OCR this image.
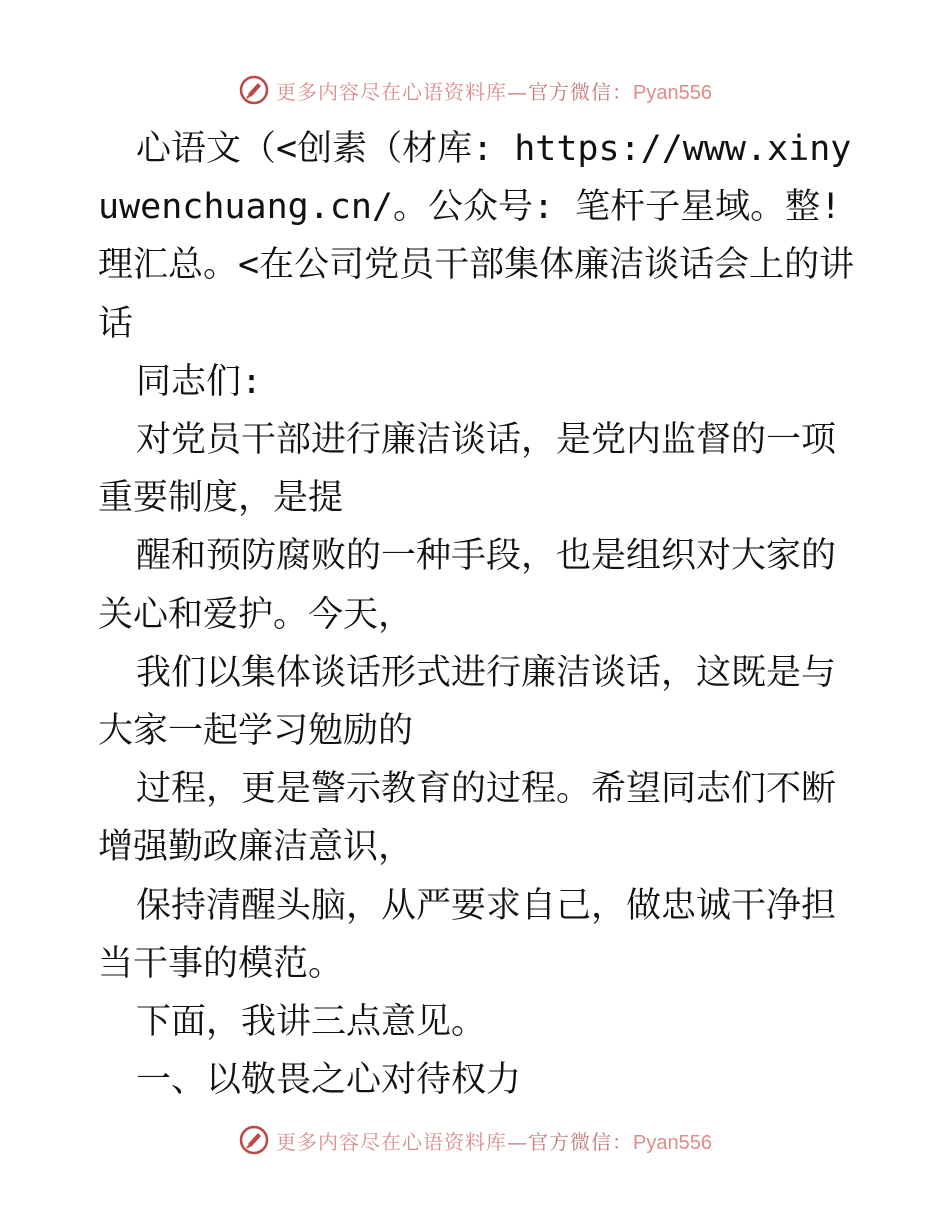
更多内容尽在心语资料库—官方微信：Pyan556

心语文（<创素（材库: https://www.xinyuwenchuang.cn/。公众号: 笔杆子星域。整! 理汇总。<在公司党员干部集体廉洁谈话会上的讲话

同志们:

对党员干部进行廉洁谈话，是党内监督的一项重要制度，是提

醒和预防腐败的一种手段，也是组织对大家的关心和爱护。今天，

我们以集体谈话形式进行廉洁谈话，这既是与大家一起学习勉励的

过程，更是警示教育的过程。希望同志们不断增强勤政廉洁意识，

保持清醒头脑，从严要求自己，做忠诚干净担当干事的模范。

下面，我讲三点意见。

一、以敬畏之心对待权力

更多内容尽在心语资料库—官方微信：Pyan556
